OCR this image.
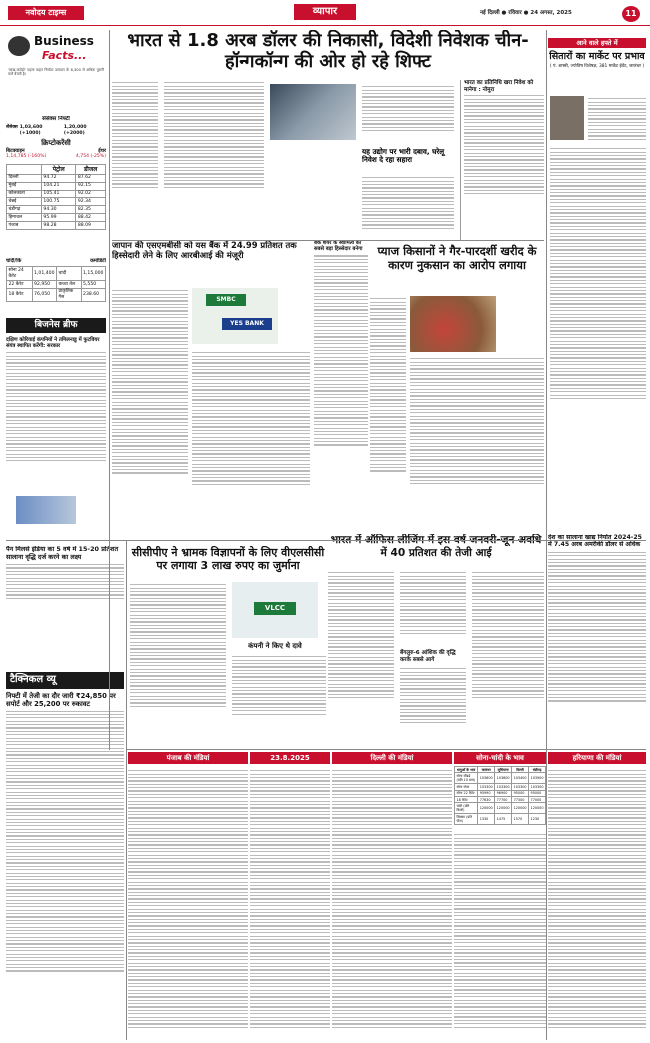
नवोदय टाइम्स	व्यापार	नई दिल्ली ● रविवार ● 24 अगस्त, 2025	11
Business
Facts...
'लाख-करोड़ों' पहला वाहन निर्माता उत्पादन के 6,300 से अधिक पुरानी कारें बेचती है।
सेंसेक्स निफ्टी
सेंसेक्स 1,03,600 (+1000)
1,20,000 (+2000)
क्रिप्टोकरेंसी
बिटक्वाइन	ईथर
1,14,785 (-160%)	4,754 (-25%)
	पेट्रोल	डीजल
दिल्ली	94.72	87.62
मुंबई	104.21	92.15
कोलकाता	105.41	92.02
चेन्नई	100.75	92.34
चंडीगढ़	94.30	82.35
हिमाचल	95.99	88.42
पंजाब	98.28	88.09
चांदी/कि	कमोडिटी
सोना 24 कैरेट	1,01,400	चांदी	1,15,000
22 कैरेट	92,950	कच्चा तेल	5,550
18 कैरेट	76,050	प्राकृतिक गैस	238.60
बिजनेस ब्रीफ
दक्षिण कोरियाई कंपनियों ने तमिलनाडु में फुटवियर संयंत्र स्थापित करेंगी: सरकार
पैन मिलर्स इंडिया का 5 वर्ष में 15-20 प्रतिशत सालाना वृद्धि दर्ज करने का लक्ष्य
टैक्निकल व्यू
निफ्टी में तेजी का दौर जारी ₹24,850 पर सपोर्ट और 25,200 पर रुकावट
भारत से 1.8 अरब डॉलर की निकासी, विदेशी निवेशक चीन-हॉन्गकॉन्ग की ओर हो रहे शिफ्ट
यह उद्योग पर भारी दबाव, घरेलू निवेश दे रहा सहारा
भारत का प्रतिनिधि खरा निवेश को मानेगा : नोमुरा
आने वाले हफ्ते में
सितारों का मार्केट पर प्रभाव
( पं. शास्त्री, ज्योतिष विशेषज्ञ, 381 मार्केट ईवेंट, जालंधर )
जापान की एसएमबीसी को यस बैंक में 24.99 प्रतिशत तक हिस्सेदारी लेने के लिए आरबीआई की मंजूरी
SMBC
YES BANK
बैंक शेयर के स्वामित्व को सबसे बड़ा हिस्सेदार बनेगा	प्याज किसानों ने गैर-पारदर्शी खरीद के कारण नुकसान का आरोप लगाया
सीसीपीए ने भ्रामक विज्ञापनों के लिए वीएलसीसी पर लगाया 3 लाख रुपए का जुर्माना
VLCC
कंपनी ने किए थे दावे
भारत में ऑफिस लीजिंग में इस वर्ष जनवरी-जून अवधि में 40 प्रतिशत की तेजी आई
बेंगलुरु-6 आंशिक की वृद्धि करके सबसे आगे
देश का सालाना खाद्य निर्यात 2024-25 में 7.45 अरब अमरीकी डॉलर से अधिक
पंजाब की मंडियां	23.8.2025	दिल्ली की मंडियां	सोना-चांदी के भाव	हरियाणा की मंडियां
धातुओं के भाव	जालंधर	लुधियाना	दिल्ली	चंडीगढ़
सोना स्टैंडर्ड (प्रति 10 ग्राम)	103600	103600	103400	103900
सोना जेवर	103300	103300	103300	103300
सोना 22 कैरेट	95990	96900	95000	95000
18 कैरेट	77630	77700	77300	77000
चांदी (प्रति किलो)	120000	120000	120000	120000
सिक्का (प्रति पीस)	1330	1475	1570	1230
